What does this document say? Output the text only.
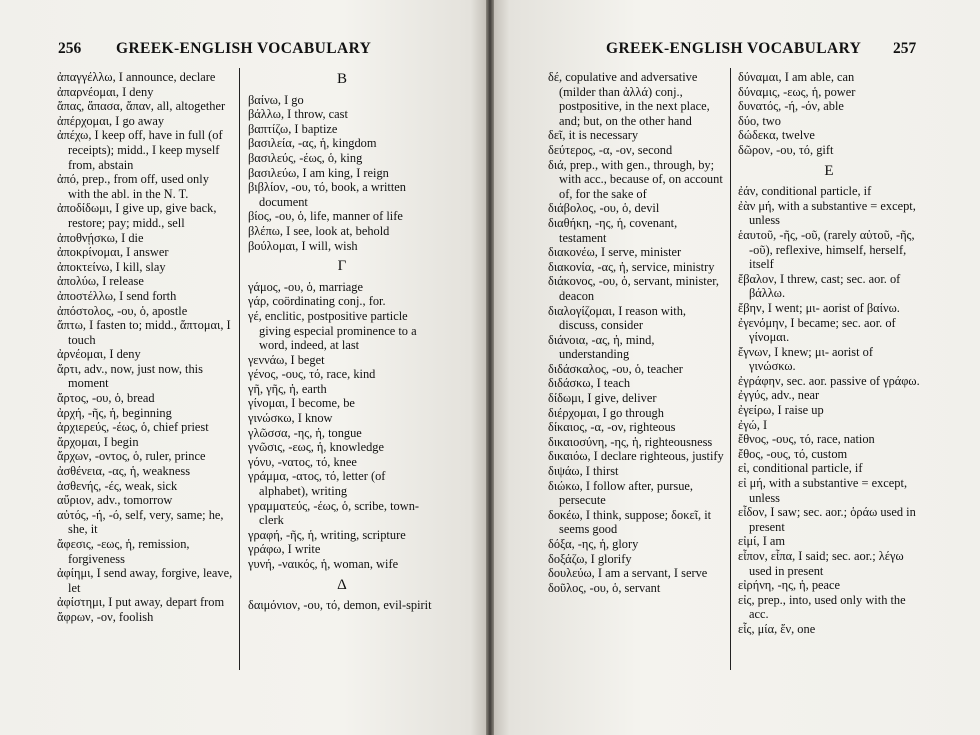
256 GREEK-ENGLISH VOCABULARY

ἀπαγγέλλω, I announce, declare

ἀπαρνέομαι, I deny

ἅπας, ἅπασα, ἅπαν, all, altogether

ἀπέρχομαι, I go away

ἀπέχω, I keep off, have in full (of receipts); midd., I keep myself from, abstain

ἀπό, prep., from off, used only with the abl. in the N. T.

ἀποδίδωμι, I give up, give back, restore; pay; midd., sell

ἀποθνῄσκω, I die

ἀποκρίνομαι, I answer

ἀποκτείνω, I kill, slay

ἀπολύω, I release

ἀποστέλλω, I send forth

ἀπόστολος, -ου, ὁ, apostle

ἅπτω, I fasten to; midd., ἅπτομαι, I touch

ἀρνέομαι, I deny

ἄρτι, adv., now, just now, this moment

ἄρτος, -ου, ὁ, bread

ἀρχή, -ῆς, ἡ, beginning

ἀρχιερεύς, -έως, ὁ, chief priest

ἄρχομαι, I begin

ἄρχων, -οντος, ὁ, ruler, prince

ἀσθένεια, -ας, ἡ, weakness

ἀσθενής, -ές, weak, sick

αὔριον, adv., tomorrow

αὐτός, -ή, -ό, self, very, same; he, she, it

ἄφεσις, -εως, ἡ, remission, forgiveness

ἀφίημι, I send away, forgive, leave, let

ἀφίστημι, I put away, depart from

ἄφρων, -ον, foolish

B

βαίνω, I go

βάλλω, I throw, cast

βαπτίζω, I baptize

βασιλεία, -ας, ἡ, kingdom

βασιλεύς, -έως, ὁ, king

βασιλεύω, I am king, I reign

βιβλίον, -ου, τό, book, a written document

βίος, -ου, ὁ, life, manner of life

βλέπω, I see, look at, behold

βούλομαι, I will, wish

Γ

γάμος, -ου, ὁ, marriage

γάρ, coördinating conj., for.

γέ, enclitic, postpositive particle giving especial prominence to a word, indeed, at last

γεννάω, I beget

γένος, -ους, τό, race, kind

γῆ, γῆς, ἡ, earth

γίνομαι, I become, be

γινώσκω, I know

γλῶσσα, -ης, ἡ, tongue

γνῶσις, -εως, ἡ, knowledge

γόνυ, -νατος, τό, knee

γράμμα, -ατος, τό, letter (of alphabet), writing

γραμματεύς, -έως, ὁ, scribe, town-clerk

γραφή, -ῆς, ἡ, writing, scripture

γράφω, I write

γυνή, -ναικός, ἡ, woman, wife

Δ

δαιμόνιον, -ου, τό, demon, evil-spirit

GREEK-ENGLISH VOCABULARY 257

δέ, copulative and adversative (milder than ἀλλά) conj., postpositive, in the next place, and; but, on the other hand

δεῖ, it is necessary

δεύτερος, -α, -ον, second

διά, prep., with gen., through, by; with acc., because of, on account of, for the sake of

διάβολος, -ου, ὁ, devil

διαθήκη, -ης, ἡ, covenant, testament

διακονέω, I serve, minister

διακονία, -ας, ἡ, service, ministry

διάκονος, -ου, ὁ, servant, minister, deacon

διαλογίζομαι, I reason with, discuss, consider

διάνοια, -ας, ἡ, mind, understanding

διδάσκαλος, -ου, ὁ, teacher

διδάσκω, I teach

δίδωμι, I give, deliver

διέρχομαι, I go through

δίκαιος, -α, -ον, righteous

δικαιοσύνη, -ης, ἡ, righteousness

δικαιόω, I declare righteous, justify

διψάω, I thirst

διώκω, I follow after, pursue, persecute

δοκέω, I think, suppose; δοκεῖ, it seems good

δόξα, -ης, ἡ, glory

δοξάζω, I glorify

δουλεύω, I am a servant, I serve

δοῦλος, -ου, ὁ, servant

δύναμαι, I am able, can

δύναμις, -εως, ἡ, power

δυνατός, -ή, -όν, able

δύο, two

δώδεκα, twelve

δῶρον, -ου, τό, gift

E

ἐάν, conditional particle, if

ἐὰν μή, with a substantive = except, unless

ἑαυτοῦ, -ῆς, -οῦ, (rarely αὑτοῦ, -ῆς, -οῦ), reflexive, himself, herself, itself

ἔβαλον, I threw, cast; sec. aor. of βάλλω.

ἔβην, I went; μι- aorist of βαίνω.

ἐγενόμην, I became; sec. aor. of γίνομαι.

ἔγνων, I knew; μι- aorist of γινώσκω.

ἐγράφην, sec. aor. passive of γράφω.

ἐγγύς, adv., near

ἐγείρω, I raise up

ἐγώ, I

ἔθνος, -ους, τό, race, nation

ἔθος, -ους, τό, custom

εἰ, conditional particle, if

εἰ μή, with a substantive = except, unless

εἶδον, I saw; sec. aor.; ὁράω used in present

εἰμί, I am

εἶπον, εἶπα, I said; sec. aor.; λέγω used in present

εἰρήνη, -ης, ἡ, peace

εἰς, prep., into, used only with the acc.

εἷς, μία, ἕν, one
